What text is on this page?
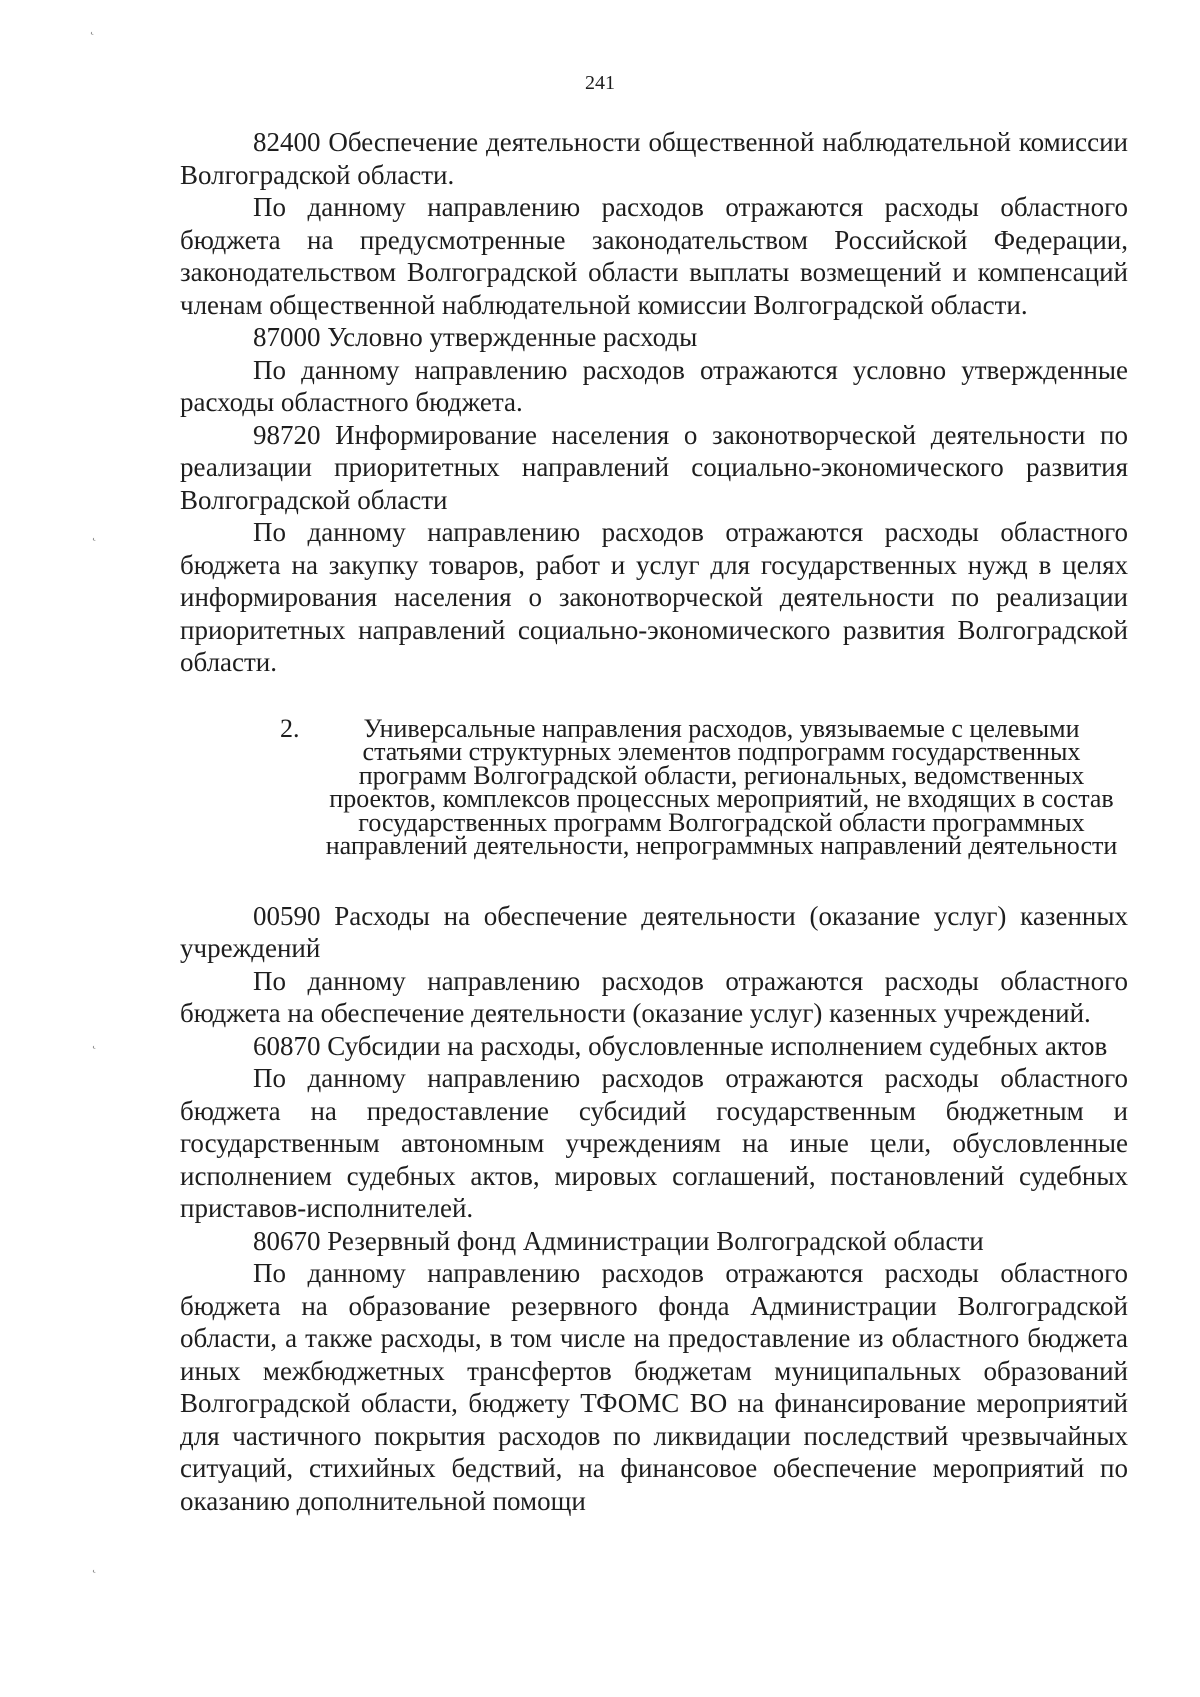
241

82400 Обеспечение деятельности общественной наблюдательной комиссии Волгоградской области.

По данному направлению расходов отражаются расходы областного бюджета на предусмотренные законодательством Российской Федерации, законодательством Волгоградской области выплаты возмещений и компенсаций членам общественной наблюдательной комиссии Волгоградской области.

87000 Условно утвержденные расходы

По данному направлению расходов отражаются условно утвержденные расходы областного бюджета.

98720 Информирование населения о законотворческой деятельности по реализации приоритетных направлений социально-экономического развития Волгоградской области

По данному направлению расходов отражаются расходы областного бюджета на закупку товаров, работ и услуг для государственных нужд в целях информирования населения о законотворческой деятельности по реализации приоритетных направлений социально-экономического развития Волгоградской области.

2.	Универсальные направления расходов, увязываемые с целевыми статьями структурных элементов подпрограмм государственных программ Волгоградской области, региональных, ведомственных проектов, комплексов процессных мероприятий, не входящих в состав государственных программ Волгоградской области программных направлений деятельности, непрограммных направлений деятельности

00590 Расходы на обеспечение деятельности (оказание услуг) казенных учреждений

По данному направлению расходов отражаются расходы областного бюджета на обеспечение деятельности (оказание услуг) казенных учреждений.

60870 Субсидии на расходы, обусловленные исполнением судебных актов

По данному направлению расходов отражаются расходы областного бюджета на предоставление субсидий государственным бюджетным и государственным автономным учреждениям на иные цели, обусловленные исполнением судебных актов, мировых соглашений, постановлений судебных приставов-исполнителей.

80670 Резервный фонд Администрации Волгоградской области

По данному направлению расходов отражаются расходы областного бюджета на образование резервного фонда Администрации Волгоградской области, а также расходы, в том числе на предоставление из областного бюджета иных межбюджетных трансфертов бюджетам муниципальных образований Волгоградской области, бюджету ТФОМС ВО на финансирование мероприятий для частичного покрытия расходов по ликвидации последствий чрезвычайных ситуаций, стихийных бедствий, на финансовое обеспечение мероприятий по оказанию дополнительной помощи

˛
˛
˛
˛
